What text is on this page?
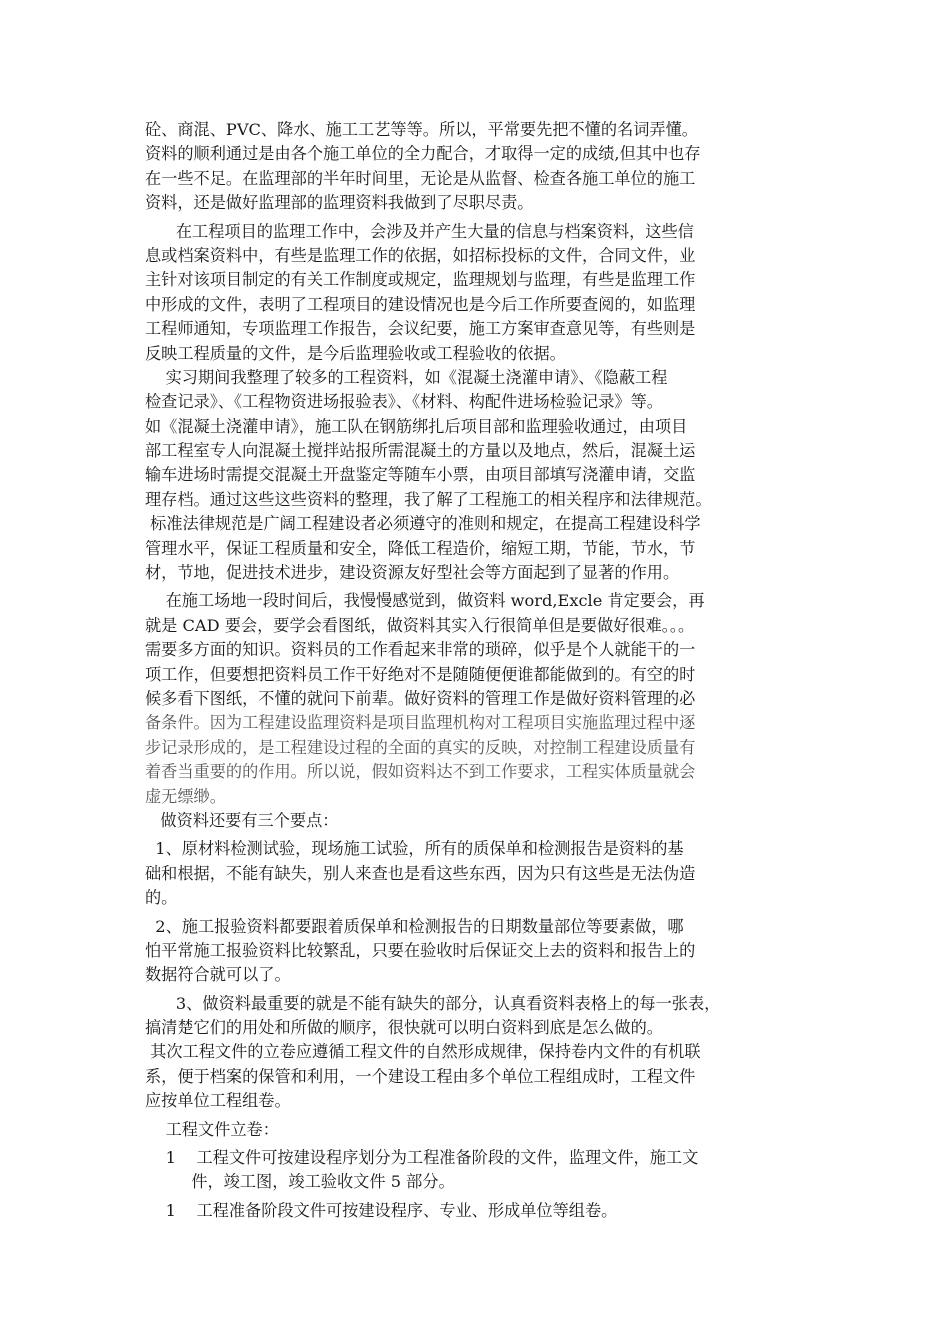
砼、商混、PVC、降水、施工工艺等等。所以，平常要先把不懂的名词弄懂。
资料的顺利通过是由各个施工单位的全力配合，才取得一定的成绩,但其中也存
在一些不足。在监理部的半年时间里，无论是从监督、检查各施工单位的施工
资料，还是做好监理部的监理资料我做到了尽职尽责。
在工程项目的监理工作中，会涉及并产生大量的信息与档案资料，这些信
息或档案资料中，有些是监理工作的依据，如招标投标的文件，合同文件，业
主针对该项目制定的有关工作制度或规定，监理规划与监理，有些是监理工作
中形成的文件，表明了工程项目的建设情况也是今后工作所要查阅的，如监理
工程师通知，专项监理工作报告，会议纪要，施工方案审查意见等，有些则是
反映工程质量的文件，是今后监理验收或工程验收的依据。
实习期间我整理了较多的工程资料，如《混凝土浇灌申请》、《隐蔽工程
检查记录》、《工程物资进场报验表》、《材料、构配件进场检验记录》等。
如《混凝土浇灌申请》，施工队在钢筋绑扎后项目部和监理验收通过，由项目
部工程室专人向混凝土搅拌站报所需混凝土的方量以及地点，然后，混凝土运
输车进场时需提交混凝土开盘鉴定等随车小票，由项目部填写浇灌申请，交监
理存档。通过这些这些资料的整理，我了解了工程施工的相关程序和法律规范。
标准法律规范是广阔工程建设者必须遵守的准则和规定，在提高工程建设科学
管理水平，保证工程质量和安全，降低工程造价，缩短工期，节能，节水，节
材，节地，促进技术进步，建设资源友好型社会等方面起到了显著的作用。
在施工场地一段时间后，我慢慢感觉到，做资料 word,Excle 肯定要会，再
就是 CAD 要会，要学会看图纸，做资料其实入行很简单但是要做好很难。。。
需要多方面的知识。资料员的工作看起来非常的琐碎，似乎是个人就能干的一
项工作，但要想把资料员工作干好绝对不是随随便便谁都能做到的。有空的时
候多看下图纸，不懂的就问下前辈。做好资料的管理工作是做好资料管理的必
备条件。因为工程建设监理资料是项目监理机构对工程项目实施监理过程中逐
步记录形成的，是工程建设过程的全面的真实的反映，对控制工程建设质量有
着香当重要的的作用。所以说，假如资料达不到工作要求，工程实体质量就会
虚无缥缈。
做资料还要有三个要点：
1、原材料检测试验，现场施工试验，所有的质保单和检测报告是资料的基
础和根据，不能有缺失，别人来查也是看这些东西，因为只有这些是无法伪造
的。
2、施工报验资料都要跟着质保单和检测报告的日期数量部位等要素做，哪
怕平常施工报验资料比较繁乱，只要在验收时后保证交上去的资料和报告上的
数据符合就可以了。
3、做资料最重要的就是不能有缺失的部分，认真看资料表格上的每一张表，
搞清楚它们的用处和所做的顺序，很快就可以明白资料到底是怎么做的。
其次工程文件的立卷应遵循工程文件的自然形成规律，保持卷内文件的有机联
系，便于档案的保管和利用，一个建设工程由多个单位工程组成时，工程文件
应按单位工程组卷。
工程文件立卷：
1    工程文件可按建设程序划分为工程准备阶段的文件，监理文件，施工文
件，竣工图，竣工验收文件 5 部分。
1    工程准备阶段文件可按建设程序、专业、形成单位等组卷。
